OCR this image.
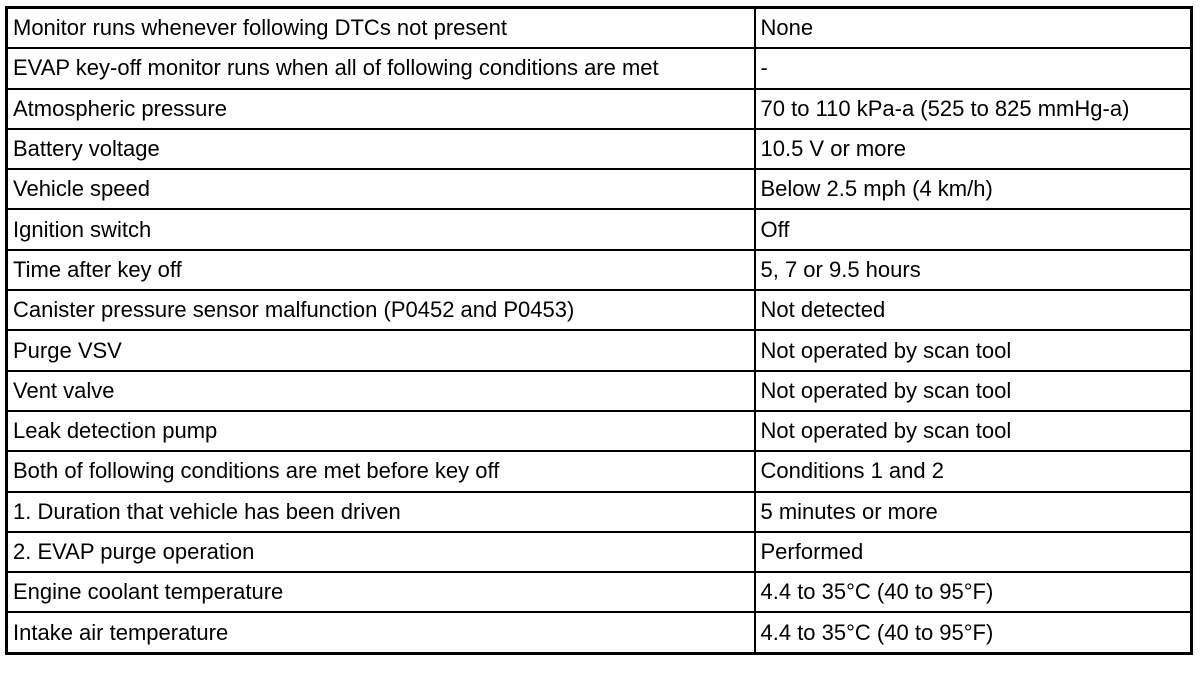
Monitor runs whenever following DTCs not present	None
EVAP key-off monitor runs when all of following conditions are met	-
Atmospheric pressure	70 to 110 kPa-a (525 to 825 mmHg-a)
Battery voltage	10.5 V or more
Vehicle speed	Below 2.5 mph (4 km/h)
Ignition switch	Off
Time after key off	5, 7 or 9.5 hours
Canister pressure sensor malfunction (P0452 and P0453)	Not detected
Purge VSV	Not operated by scan tool
Vent valve	Not operated by scan tool
Leak detection pump	Not operated by scan tool
Both of following conditions are met before key off	Conditions 1 and 2
1. Duration that vehicle has been driven	5 minutes or more
2. EVAP purge operation	Performed
Engine coolant temperature	4.4 to 35°C (40 to 95°F)
Intake air temperature	4.4 to 35°C (40 to 95°F)
